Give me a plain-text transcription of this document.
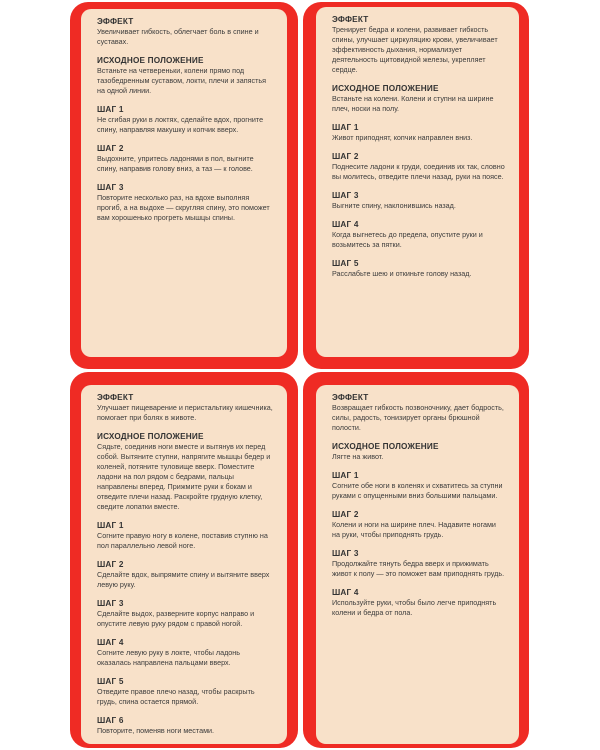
ЭФФЕКТ
Увеличивает гибкость, облегчает боль в спине и суставах.
ИСХОДНОЕ ПОЛОЖЕНИЕ
Встаньте на четвереньки, колени прямо под тазобедренным суставом, локти, плечи и запястья на одной линии.
ШАГ 1
Не сгибая руки в локтях, сделайте вдох, прогните спину, направляя макушку и копчик вверх.
ШАГ 2
Выдохните, упритесь ладонями в пол, выгните спину, направив голову вниз, а таз — к голове.
ШАГ 3
Повторите несколько раз, на вдохе выполняя прогиб, а на выдохе — скругляя спину, это поможет вам хорошенько прогреть мышцы спины.
ЭФФЕКТ
Тренирует бедра и колени, развивает гибкость спины, улучшает циркуляцию крови, увеличивает эффективность дыхания, нормализует деятельность щитовидной железы, укрепляет сердце.
ИСХОДНОЕ ПОЛОЖЕНИЕ
Встаньте на колени. Колени и ступни на ширине плеч, носки на полу.
ШАГ 1
Живот приподнят, копчик направлен вниз.
ШАГ 2
Поднесите ладони к груди, соединив их так, словно вы молитесь, отведите плечи назад, руки на поясе.
ШАГ 3
Выгните спину, наклонившись назад.
ШАГ 4
Когда выгнетесь до предела, опустите руки и возьмитесь за пятки.
ШАГ 5
Расслабьте шею и откиньте голову назад.
ЭФФЕКТ
Улучшает пищеварение и перистальтику кишечника, помогает при болях в животе.
ИСХОДНОЕ ПОЛОЖЕНИЕ
Сядьте, соединив ноги вместе и вытянув их перед собой. Вытяните ступни, напрягите мышцы бедер и коленей, потяните туловище вверх. Поместите ладони на пол рядом с бедрами, пальцы направлены вперед. Прижмите руки к бокам и отведите плечи назад. Раскройте грудную клетку, сведите лопатки вместе.
ШАГ 1
Согните правую ногу в колене, поставив ступню на пол параллельно левой ноге.
ШАГ 2
Сделайте вдох, выпрямите спину и вытяните вверх левую руку.
ШАГ 3
Сделайте выдох, разверните корпус направо и опустите левую руку рядом с правой ногой.
ШАГ 4
Согните левую руку в локте, чтобы ладонь оказалась направлена пальцами вверх.
ШАГ 5
Отведите правое плечо назад, чтобы раскрыть грудь, спина остается прямой.
ШАГ 6
Повторите, поменяв ноги местами.
ЭФФЕКТ
Возвращает гибкость позвоночнику, дает бодрость, силы, радость, тонизирует органы брюшной полости.
ИСХОДНОЕ ПОЛОЖЕНИЕ
Лягте на живот.
ШАГ 1
Согните обе ноги в коленях и схватитесь за ступни руками с опущенными вниз большими пальцами.
ШАГ 2
Колени и ноги на ширине плеч. Надавите ногами на руки, чтобы приподнять грудь.
ШАГ 3
Продолжайте тянуть бедра вверх и прижимать живот к полу — это поможет вам приподнять грудь.
ШАГ 4
Используйте руки, чтобы было легче приподнять колени и бедра от пола.
